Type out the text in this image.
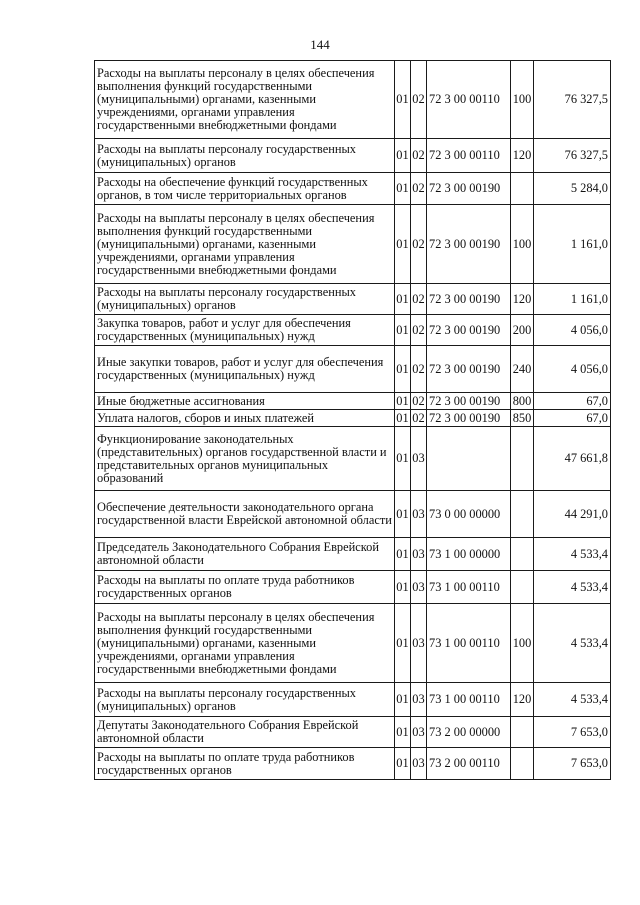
144
Расходы на выплаты персоналу в целях обеспечения выполнения функций государственными (муниципальными) органами, казенными учреждениями, органами управления государственными внебюджетными фондами	01	02	72 3 00 00110	100	76 327,5
Расходы на выплаты персоналу государственных (муниципальных) органов	01	02	72 3 00 00110	120	76 327,5
Расходы на обеспечение функций государственных органов, в том числе территориальных органов	01	02	72 3 00 00190		5 284,0
Расходы на выплаты персоналу в целях обеспечения выполнения функций государственными (муниципальными) органами, казенными учреждениями, органами управления государственными внебюджетными фондами	01	02	72 3 00 00190	100	1 161,0
Расходы на выплаты персоналу государственных (муниципальных) органов	01	02	72 3 00 00190	120	1 161,0
Закупка товаров, работ и услуг для обеспечения государственных (муниципальных) нужд	01	02	72 3 00 00190	200	4 056,0
Иные закупки товаров, работ и услуг для обеспечения государственных (муниципальных) нужд	01	02	72 3 00 00190	240	4 056,0
Иные бюджетные ассигнования	01	02	72 3 00 00190	800	67,0
Уплата налогов, сборов и иных платежей	01	02	72 3 00 00190	850	67,0
Функционирование законодательных (представительных) органов государственной власти и представительных органов муниципальных образований	01	03			47 661,8
Обеспечение деятельности законодательного органа государственной власти Еврейской автономной области	01	03	73 0 00 00000		44 291,0
Председатель Законодательного Собрания Еврейской автономной области	01	03	73 1 00 00000		4 533,4
Расходы на выплаты по оплате труда работников государственных органов	01	03	73 1 00 00110		4 533,4
Расходы на выплаты персоналу в целях обеспечения выполнения функций государственными (муниципальными) органами, казенными учреждениями, органами управления государственными внебюджетными фондами	01	03	73 1 00 00110	100	4 533,4
Расходы на выплаты персоналу государственных (муниципальных) органов	01	03	73 1 00 00110	120	4 533,4
Депутаты Законодательного Собрания Еврейской автономной области	01	03	73 2 00 00000		7 653,0
Расходы на выплаты по оплате труда работников государственных органов	01	03	73 2 00 00110		7 653,0
